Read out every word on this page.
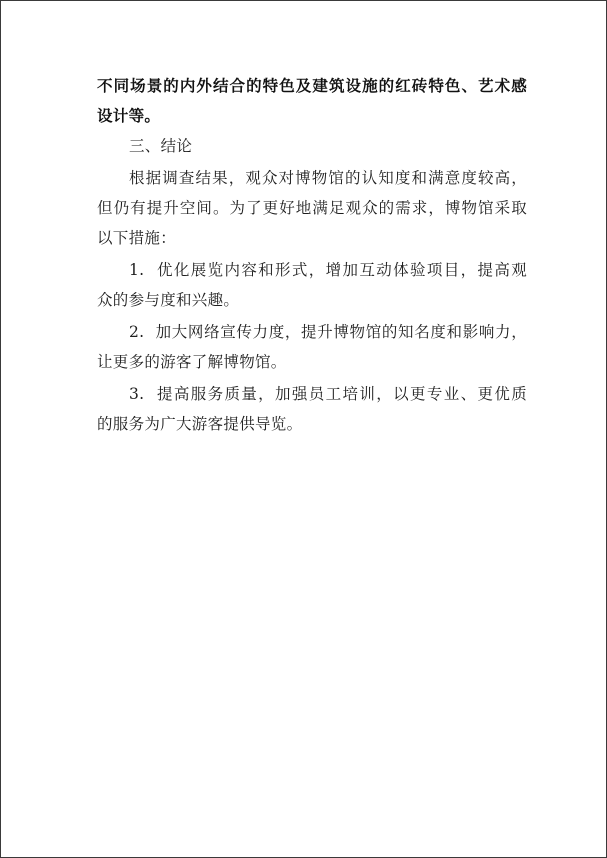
不同场景的内外结合的特色及建筑设施的红砖特色、艺术感
设计等。
三、结论
根据调查结果，观众对博物馆的认知度和满意度较高，
但仍有提升空间。为了更好地满足观众的需求，博物馆采取
以下措施：
1.  优化展览内容和形式，增加互动体验项目，提高观
众的参与度和兴趣。
2.  加大网络宣传力度，提升博物馆的知名度和影响力，
让更多的游客了解博物馆。
3.  提高服务质量，加强员工培训，以更专业、更优质
的服务为广大游客提供导览。
